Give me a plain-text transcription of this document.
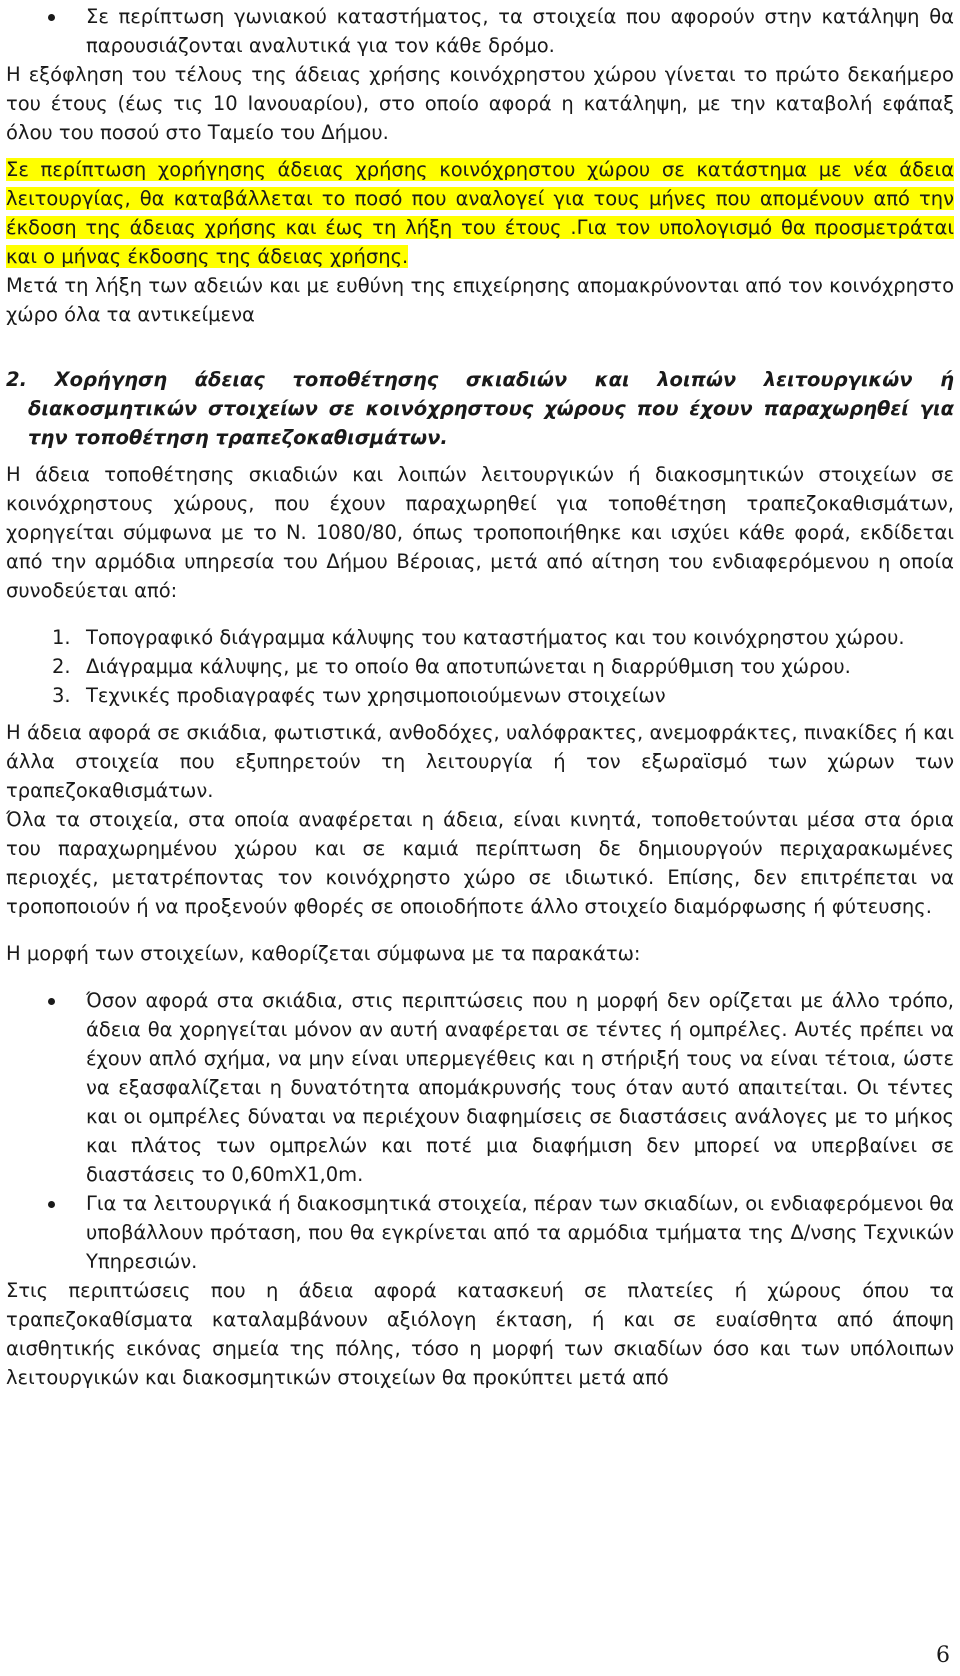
Σε περίπτωση γωνιακού καταστήματος, τα στοιχεία που αφορούν στην κατάληψη θα παρουσιάζονται αναλυτικά για τον κάθε δρόμο.

Η εξόφληση του τέλους της άδειας χρήσης κοινόχρηστου χώρου γίνεται το πρώτο δεκαήμερο του έτους (έως τις 10 Ιανουαρίου), στο οποίο αφορά η κατάληψη, με την καταβολή εφάπαξ όλου του ποσού στο Ταμείο του Δήμου.

Σε περίπτωση χορήγησης άδειας χρήσης κοινόχρηστου χώρου σε κατάστημα με νέα άδεια λειτουργίας, θα καταβάλλεται το ποσό που αναλογεί για τους μήνες που απομένουν από την έκδοση της άδειας χρήσης και έως τη λήξη του έτους .Για τον υπολογισμό θα προσμετράται και ο μήνας έκδοσης της άδειας χρήσης.

Μετά τη λήξη των αδειών και με ευθύνη της επιχείρησης απομακρύνονται από τον κοινόχρηστο χώρο όλα τα αντικείμενα

2. Χορήγηση άδειας τοποθέτησης σκιαδιών και λοιπών λειτουργικών ή διακοσμητικών στοιχείων σε κοινόχρηστους χώρους που έχουν παραχωρηθεί για την τοποθέτηση τραπεζοκαθισμάτων.

Η άδεια τοποθέτησης σκιαδιών και λοιπών λειτουργικών ή διακοσμητικών στοιχείων σε κοινόχρηστους χώρους, που έχουν παραχωρηθεί για τοποθέτηση τραπεζοκαθισμάτων, χορηγείται σύμφωνα με το Ν. 1080/80, όπως τροποποιήθηκε και ισχύει κάθε φορά, εκδίδεται από την αρμόδια υπηρεσία του Δήμου Βέροιας, μετά από αίτηση του ενδιαφερόμενου η οποία συνοδεύεται από:

1. Τοπογραφικό διάγραμμα κάλυψης του καταστήματος και του κοινόχρηστου χώρου.
2. Διάγραμμα κάλυψης, με το οποίο θα αποτυπώνεται η διαρρύθμιση του χώρου.
3. Τεχνικές προδιαγραφές των χρησιμοποιούμενων στοιχείων

Η άδεια αφορά σε σκιάδια, φωτιστικά, ανθοδόχες, υαλόφρακτες, ανεμοφράκτες, πινακίδες ή και άλλα στοιχεία που εξυπηρετούν τη λειτουργία ή τον εξωραϊσμό των χώρων των τραπεζοκαθισμάτων.

Όλα τα στοιχεία, στα οποία αναφέρεται η άδεια, είναι κινητά, τοποθετούνται μέσα στα όρια του παραχωρημένου χώρου και σε καμιά περίπτωση δε δημιουργούν περιχαρακωμένες περιοχές, μετατρέποντας τον κοινόχρηστο χώρο σε ιδιωτικό. Επίσης, δεν επιτρέπεται να τροποποιούν ή να προξενούν φθορές σε οποιοδήποτε άλλο στοιχείο διαμόρφωσης ή φύτευσης.

Η μορφή των στοιχείων, καθορίζεται σύμφωνα με τα παρακάτω:

Όσον αφορά στα σκιάδια, στις περιπτώσεις που η μορφή δεν ορίζεται με άλλο τρόπο, άδεια θα χορηγείται μόνον αν αυτή αναφέρεται σε τέντες ή ομπρέλες. Αυτές πρέπει να έχουν απλό σχήμα, να μην είναι υπερμεγέθεις και η στήριξή τους να είναι τέτοια, ώστε να εξασφαλίζεται η δυνατότητα απομάκρυνσής τους όταν αυτό απαιτείται. Οι τέντες και οι ομπρέλες δύναται να περιέχουν διαφημίσεις σε διαστάσεις ανάλογες με το μήκος και πλάτος των ομπρελών και ποτέ μια διαφήμιση δεν μπορεί να υπερβαίνει σε διαστάσεις το 0,60mΧ1,0m.
Για τα λειτουργικά ή διακοσμητικά στοιχεία, πέραν των σκιαδίων, οι ενδιαφερόμενοι θα υποβάλλουν πρόταση, που θα εγκρίνεται από τα αρμόδια τμήματα της Δ/νσης Τεχνικών Υπηρεσιών.

Στις περιπτώσεις που η άδεια αφορά κατασκευή σε πλατείες ή χώρους όπου τα τραπεζοκαθίσματα καταλαμβάνουν αξιόλογη έκταση, ή και σε ευαίσθητα από άποψη αισθητικής εικόνας σημεία της πόλης, τόσο η μορφή των σκιαδίων όσο και των υπόλοιπων λειτουργικών και διακοσμητικών στοιχείων θα προκύπτει μετά από

6
